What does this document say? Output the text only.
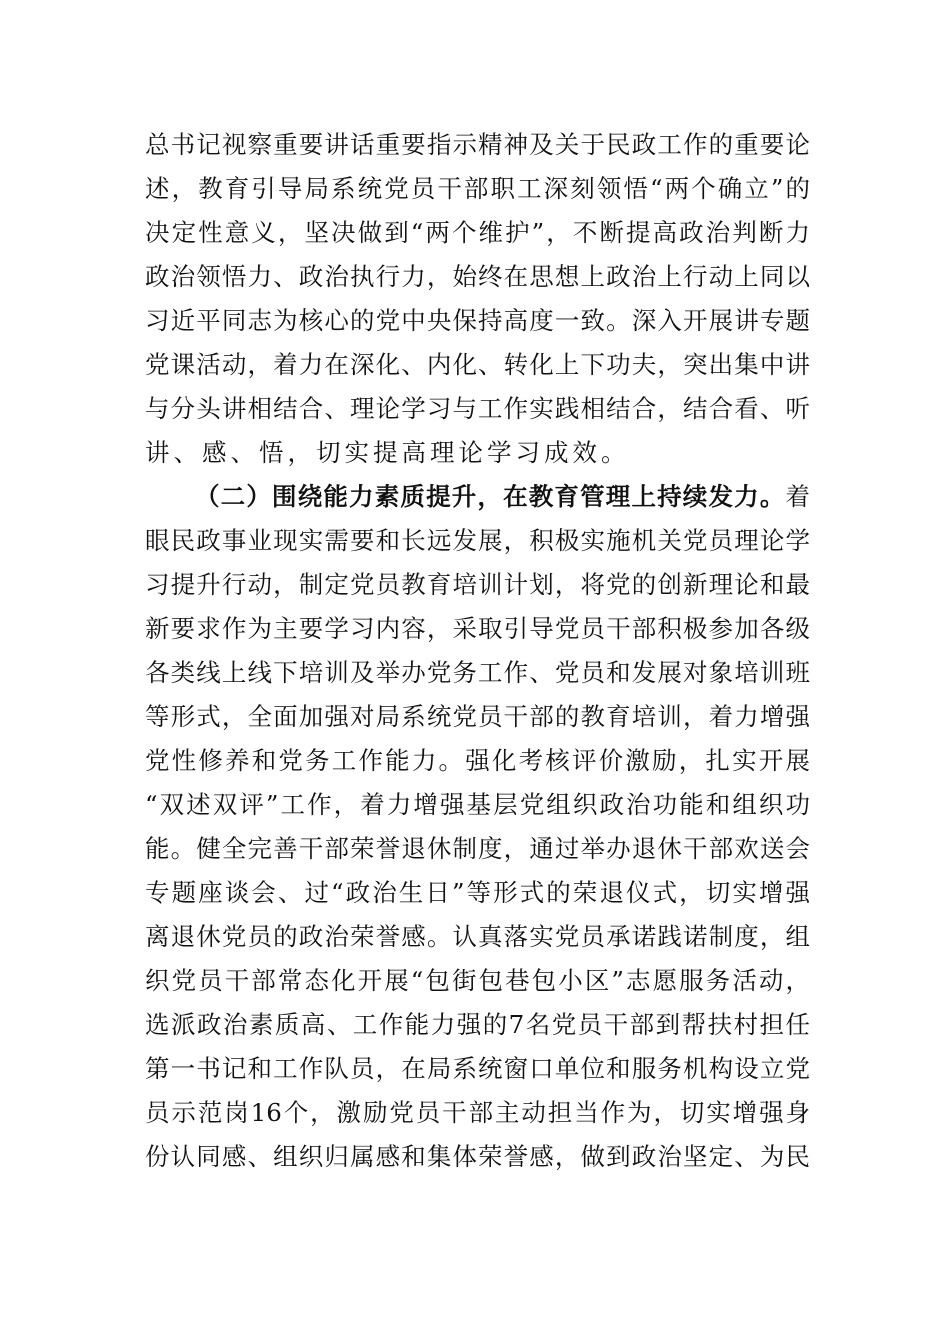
总书记视察重要讲话重要指示精神及关于民政工作的重要论
述，教育引导局系统党员干部职工深刻领悟“两个确立”的
决定性意义，坚决做到“两个维护”，不断提高政治判断力
政治领悟力、政治执行力，始终在思想上政治上行动上同以
习近平同志为核心的党中央保持高度一致。深入开展讲专题
党课活动，着力在深化、内化、转化上下功夫，突出集中讲
与分头讲相结合、理论学习与工作实践相结合，结合看、听
讲、感、悟，切实提高理论学习成效。
（二）围绕能力素质提升，在教育管理上持续发力。着
眼民政事业现实需要和长远发展，积极实施机关党员理论学
习提升行动，制定党员教育培训计划，将党的创新理论和最
新要求作为主要学习内容，采取引导党员干部积极参加各级
各类线上线下培训及举办党务工作、党员和发展对象培训班
等形式，全面加强对局系统党员干部的教育培训，着力增强
党性修养和党务工作能力。强化考核评价激励，扎实开展
“双述双评”工作，着力增强基层党组织政治功能和组织功
能。健全完善干部荣誉退休制度，通过举办退休干部欢送会
专题座谈会、过“政治生日”等形式的荣退仪式，切实增强
离退休党员的政治荣誉感。认真落实党员承诺践诺制度，组
织党员干部常态化开展“包街包巷包小区”志愿服务活动，
选派政治素质高、工作能力强的7名党员干部到帮扶村担任
第一书记和工作队员，在局系统窗口单位和服务机构设立党
员示范岗16个，激励党员干部主动担当作为，切实增强身
份认同感、组织归属感和集体荣誉感，做到政治坚定、为民
